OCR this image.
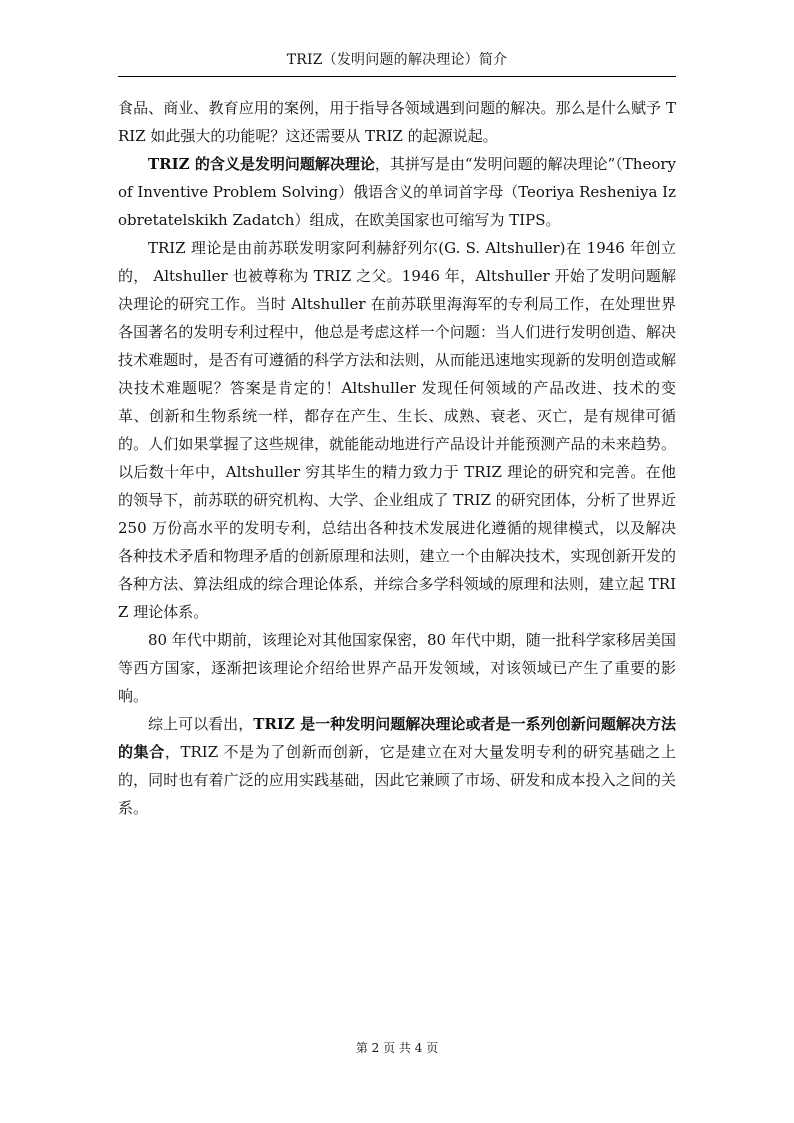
TRIZ（发明问题的解决理论）简介

食品、商业、教育应用的案例，用于指导各领域遇到问题的解决。那么是什么赋予 TRIZ 如此强大的功能呢？这还需要从 TRIZ 的起源说起。

TRIZ 的含义是发明问题解决理论，其拼写是由“发明问题的解决理论”（Theory of Inventive Problem Solving）俄语含义的单词首字母（Teoriya Resheniya Izobretatelskikh Zadatch）组成，在欧美国家也可缩写为 TIPS。

TRIZ 理论是由前苏联发明家阿利赫舒列尔(G. S. Altshuller)在 1946 年创立的， Altshuller 也被尊称为 TRIZ 之父。1946 年，Altshuller 开始了发明问题解决理论的研究工作。当时 Altshuller 在前苏联里海海军的专利局工作，在处理世界各国著名的发明专利过程中，他总是考虑这样一个问题：当人们进行发明创造、解决技术难题时，是否有可遵循的科学方法和法则，从而能迅速地实现新的发明创造或解决技术难题呢？答案是肯定的！Altshuller 发现任何领域的产品改进、技术的变革、创新和生物系统一样，都存在产生、生长、成熟、衰老、灭亡，是有规律可循的。人们如果掌握了这些规律，就能能动地进行产品设计并能预测产品的未来趋势。以后数十年中，Altshuller 穷其毕生的精力致力于 TRIZ 理论的研究和完善。在他的领导下，前苏联的研究机构、大学、企业组成了 TRIZ 的研究团体，分析了世界近 250 万份高水平的发明专利，总结出各种技术发展进化遵循的规律模式，以及解决各种技术矛盾和物理矛盾的创新原理和法则，建立一个由解决技术，实现创新开发的各种方法、算法组成的综合理论体系，并综合多学科领域的原理和法则，建立起 TRIZ 理论体系。

80 年代中期前，该理论对其他国家保密，80 年代中期，随一批科学家移居美国等西方国家，逐渐把该理论介绍给世界产品开发领域，对该领域已产生了重要的影响。

综上可以看出，TRIZ 是一种发明问题解决理论或者是一系列创新问题解决方法的集合，TRIZ 不是为了创新而创新，它是建立在对大量发明专利的研究基础之上的，同时也有着广泛的应用实践基础，因此它兼顾了市场、研发和成本投入之间的关系。

第 2 页 共 4 页
